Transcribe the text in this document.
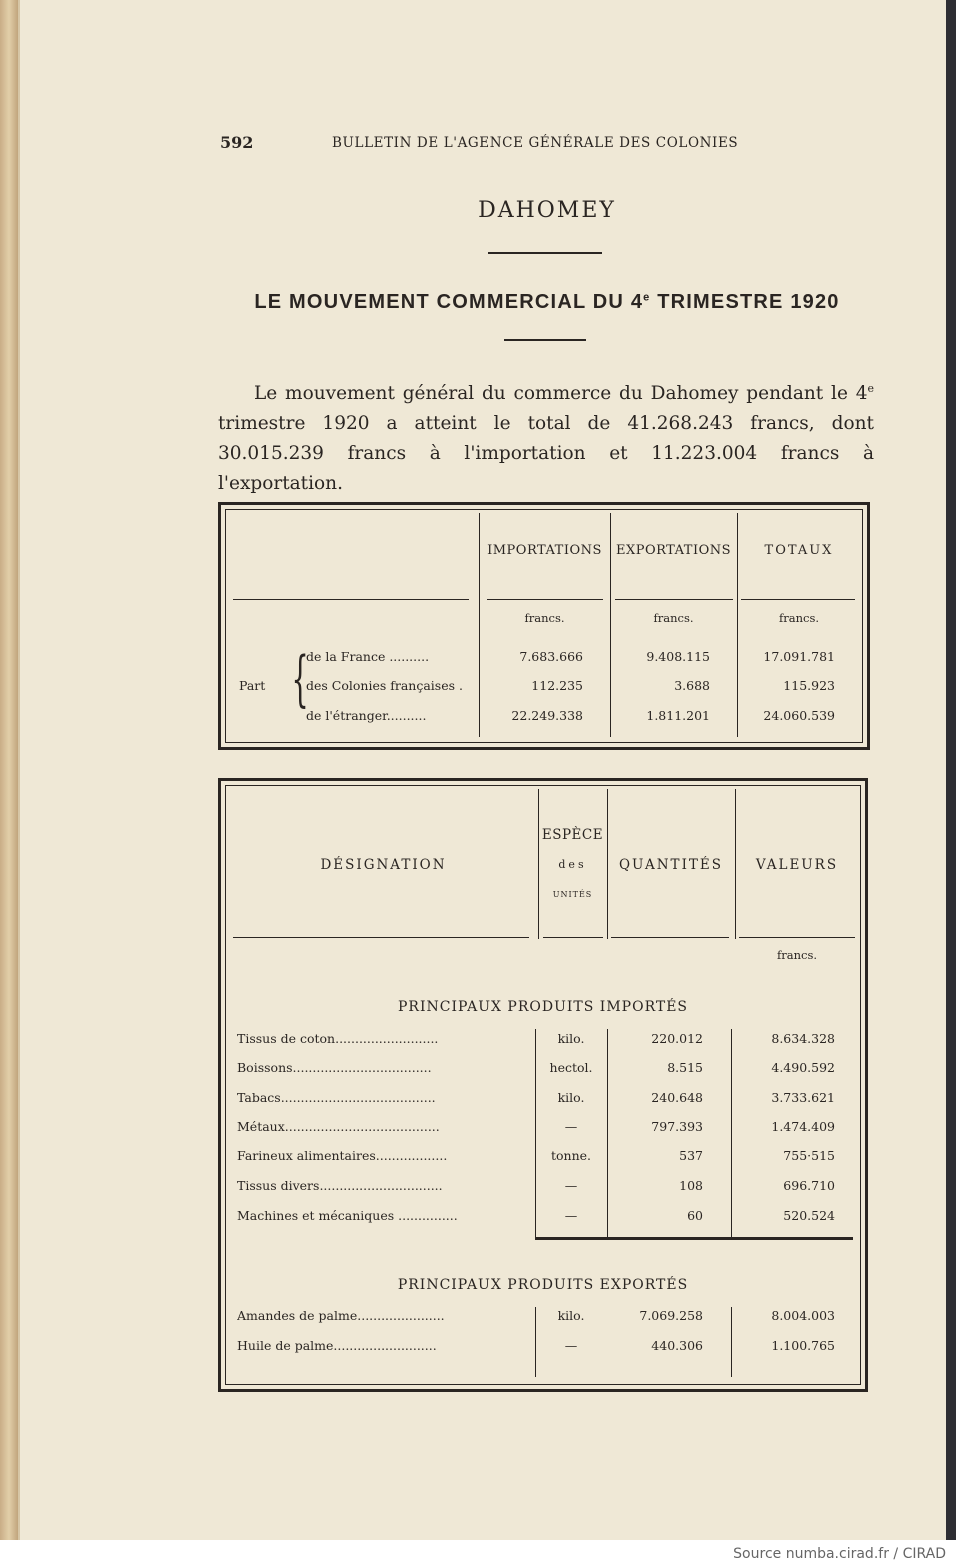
592	BULLETIN DE L'AGENCE GÉNÉRALE DES COLONIES
DAHOMEY
LE MOUVEMENT COMMERCIAL DU 4e TRIMESTRE 1920
Le mouvement général du commerce du Dahomey pendant le 4e trimestre 1920 a atteint le total de 41.268.243 francs, dont 30.015.239 francs à l'importation et 11.223.004 francs à l'exportation.
IMPORTATIONS	EXPORTATIONS	TOTAUX
francs.	francs.	francs.
Part {
de la France ..........	7.683.666	9.408.115	17.091.781
des Colonies françaises .	112.235	3.688	115.923
de l'étranger..........	22.249.338	1.811.201	24.060.539
DÉSIGNATION
ESPÈCE
des
UNITÉS
QUANTITÉS	VALEURS
francs.
PRINCIPAUX PRODUITS IMPORTÉS
Tissus de coton..........................	kilo.	220.012	8.634.328
Boissons...................................	hectol.	8.515	4.490.592
Tabacs.......................................	kilo.	240.648	3.733.621
Métaux.......................................	—	797.393	1.474.409
Farineux alimentaires..................	tonne.	537	755·515
Tissus divers...............................	—	108	696.710
Machines et mécaniques ...............	—	60	520.524
PRINCIPAUX PRODUITS EXPORTÉS
Amandes de palme......................	kilo.	7.069.258	8.004.003
Huile de palme..........................	—	440.306	1.100.765
Source numba.cirad.fr / CIRAD
